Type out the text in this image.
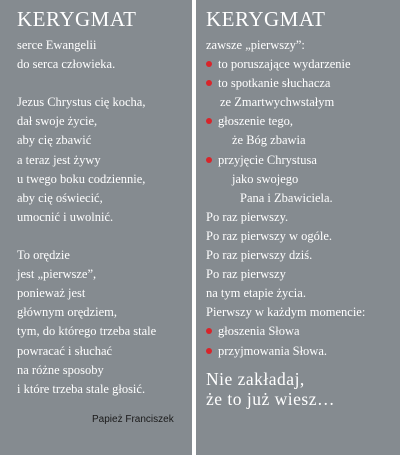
KERYGMAT
serce Ewangelii
do serca człowieka.
Jezus Chrystus cię kocha,
dał swoje życie,
aby cię zbawić
a teraz jest żywy
u twego boku codziennie,
aby cię oświecić,
umocnić i uwolnić.
To orędzie
jest „pierwsze”,
ponieważ jest
głównym orędziem,
tym, do którego trzeba stale
powracać i słuchać
na różne sposoby
i które trzeba stale głosić.
Papież Franciszek
KERYGMAT
zawsze „pierwszy”:
to poruszające wydarzenie
to spotkanie słuchacza
ze Zmartwychwstałym
głoszenie tego,
że Bóg zbawia
przyjęcie Chrystusa
jako swojego
Pana i Zbawiciela.
Po raz pierwszy.
Po raz pierwszy w ogóle.
Po raz pierwszy dziś.
Po raz pierwszy
na tym etapie życia.
Pierwszy w każdym momencie:
głoszenia Słowa
przyjmowania Słowa.
Nie zakładaj,
że to już wiesz…
